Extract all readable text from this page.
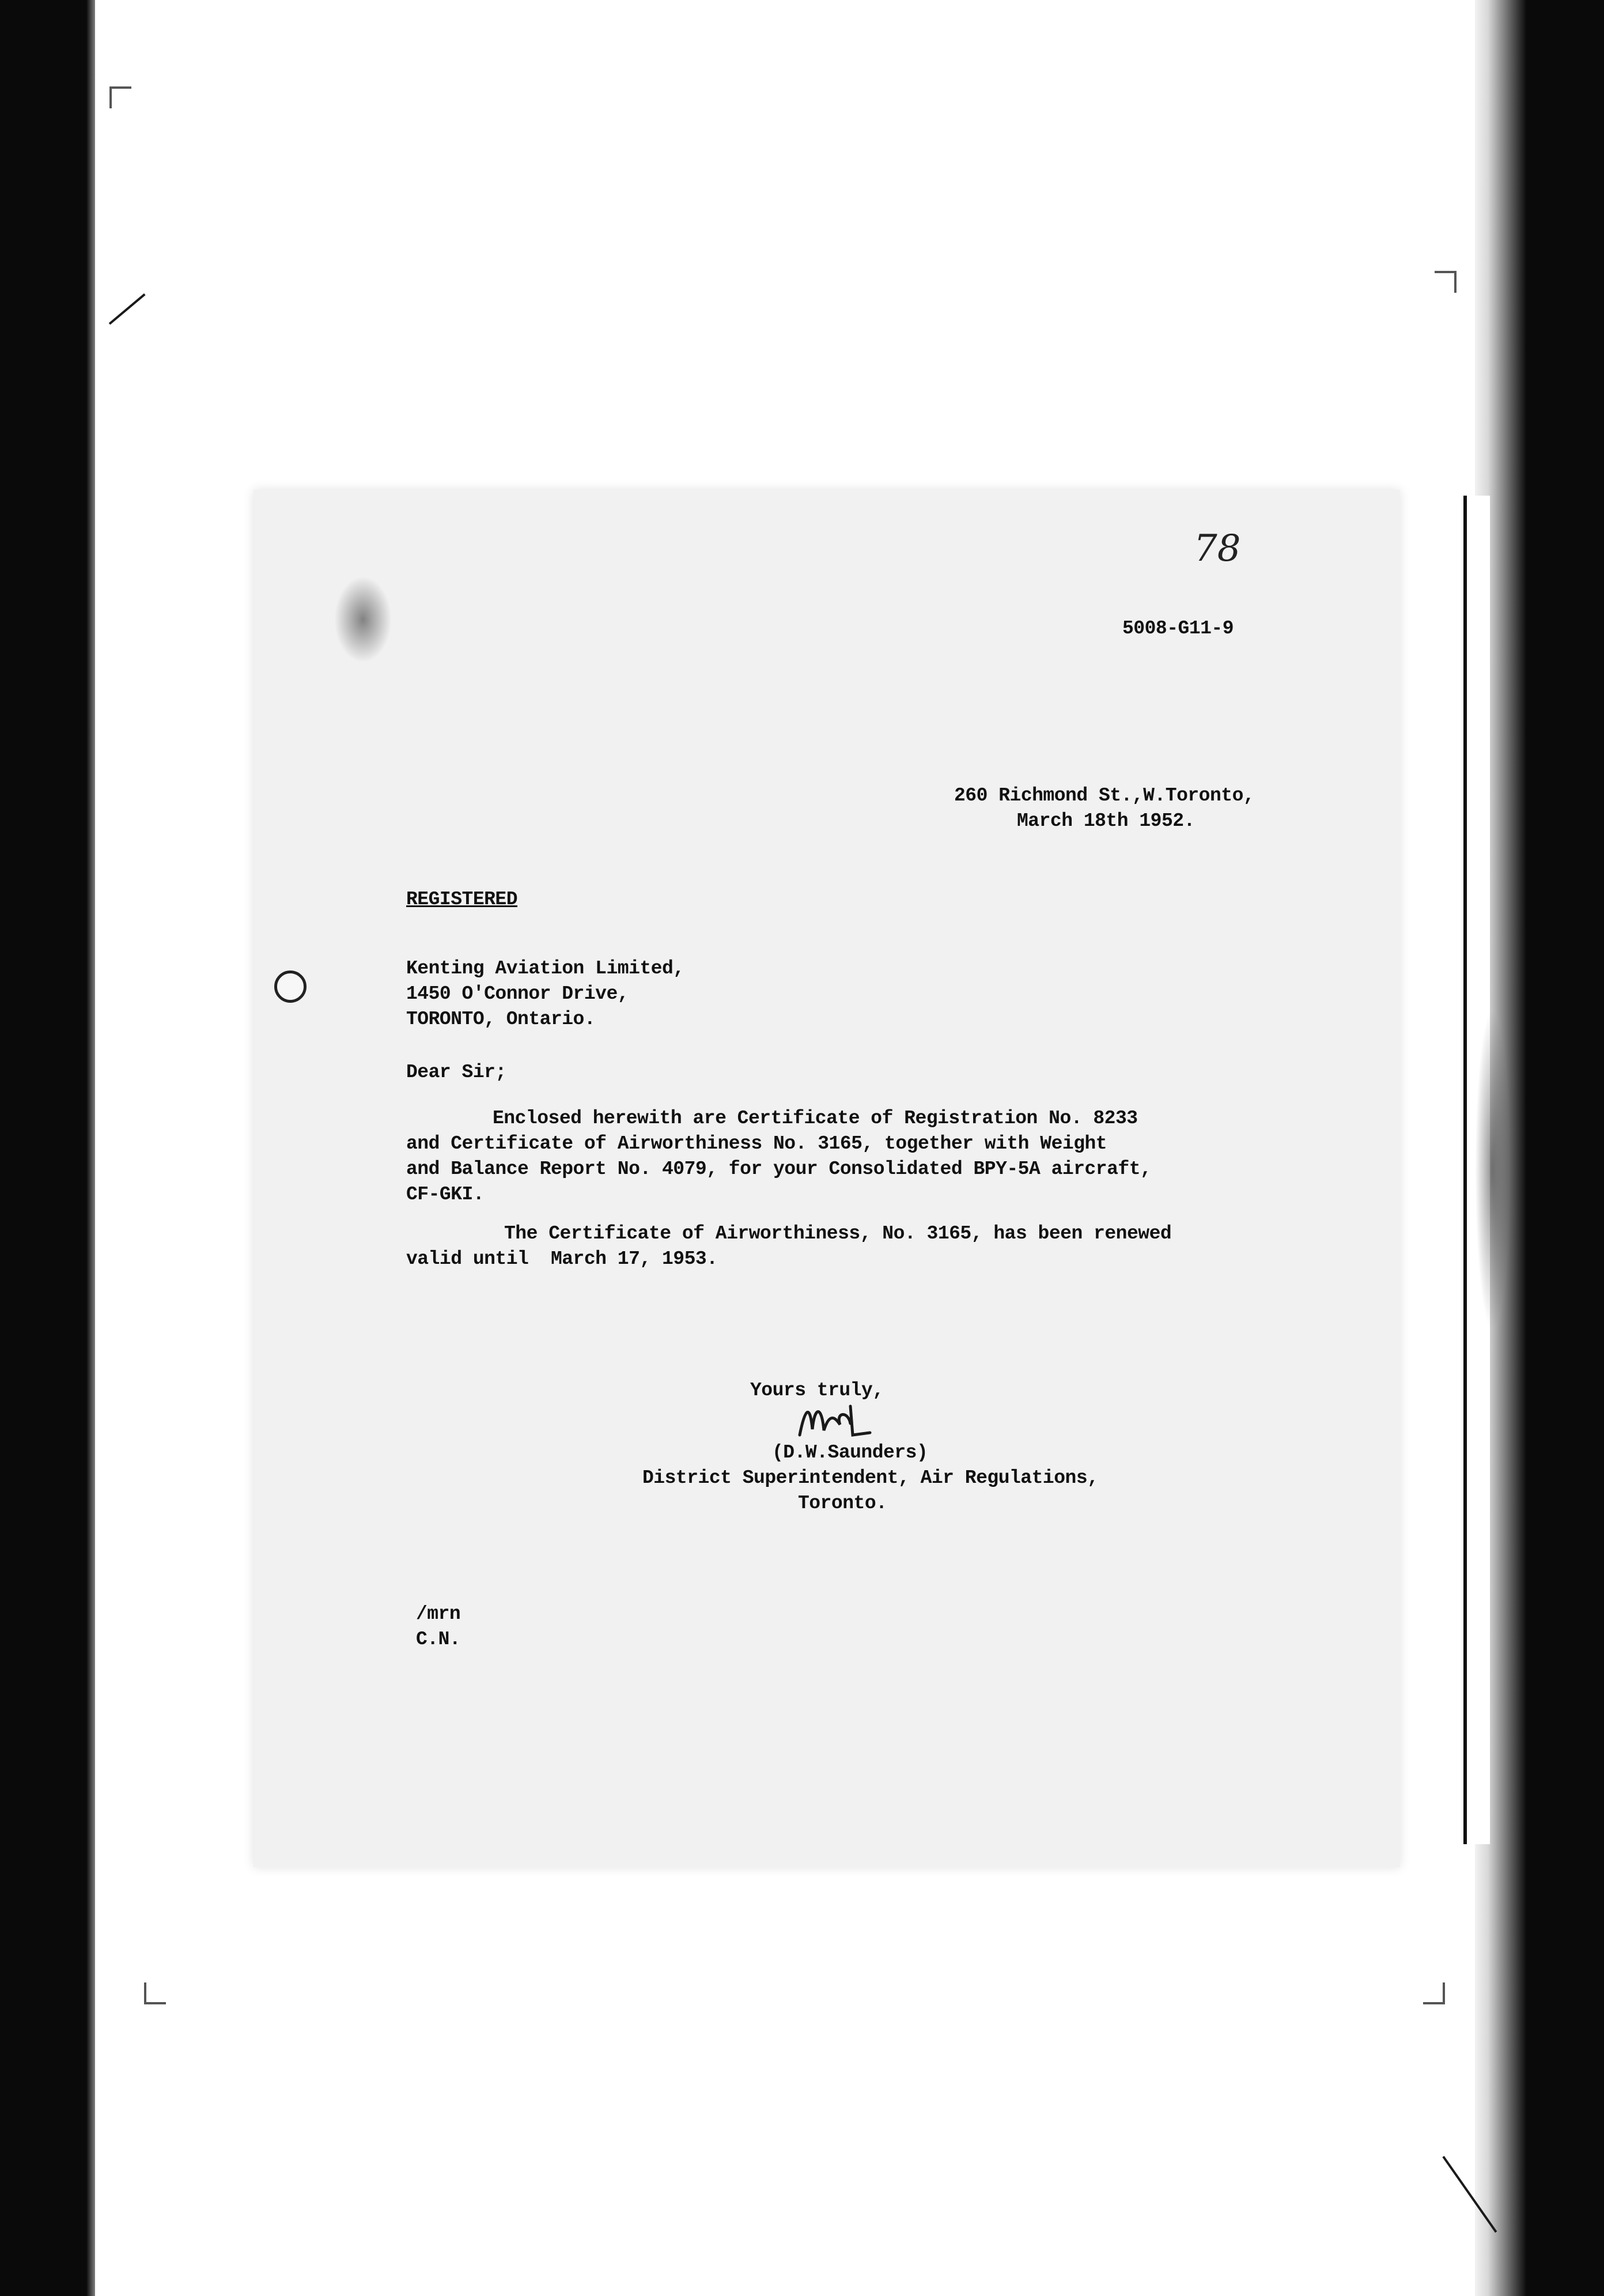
78
5008-G11-9
260 Richmond St.,W.Toronto,
March 18th 1952.
REGISTERED
Kenting Aviation Limited,
1450 O'Connor Drive,
TORONTO, Ontario.
Dear Sir;
Enclosed herewith are Certificate of Registration No. 8233
and Certificate of Airworthiness No. 3165, together with Weight
and Balance Report No. 4079, for your Consolidated BPY-5A aircraft,
CF-GKI.
The Certificate of Airworthiness, No. 3165, has been renewed
valid until  March 17, 1953.
Yours truly,
(D.W.Saunders)
District Superintendent, Air Regulations,
Toronto.
/mrn
C.N.
